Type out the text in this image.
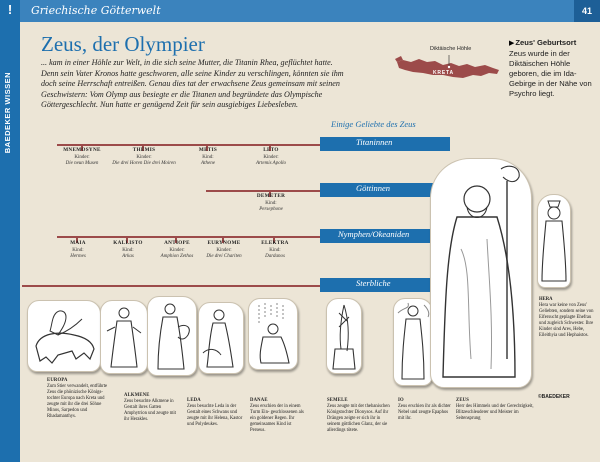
!
BAEDEKER WISSEN
Griechische Götterwelt	41
Zeus, der Olympier

... kam in einer Höhle zur Welt, in die sich seine Mutter, die Titanin Rhea, geflüchtet hatte. Denn sein Vater Kronos hatte geschworen, alle seine Kinder zu verschlingen, könnten sie ihm doch seine Herrschaft entreißen. Genau dies tat der erwachsene Zeus gemeinsam mit seinen Geschwistern: Vom Olymp aus besiegte er die Titanen und begründete das Olympische Göttergeschlecht. Nun hatte er genügend Zeit für sein ausgiebiges Liebesleben.

Diktäische Höhle
KRETA
▶Zeus' Geburtsort
Zeus wurde in der Diktäischen Höhle geboren, die im Ida-Gebirge in der Nähe von Psychro liegt.
Einige Geliebte des Zeus
Titaninnen
Göttinnen
Nymphen/Okeaniden
Sterbliche
MNEMOSYNE
Kinder:
Die neun Musen
THEMIS
Kinder:
Die drei Horen Die drei Moiren
METIS
Kind:
Athene
LETO
Kinder:
Artemis Apollo
DEMETER
Kind:
Persephone
MAIA
Kind:
Hermes
KALLISTO
Kind:
Arkas
ANTIOPE
Kinder:
Amphion Zethos
EURYNOME
Kinder:
Die drei Chariten
ELEKTRA
Kind:
Dardanos
EUROPA
Zum Stier verwandelt, entführte Zeus die phönizische Königs- tochter Europa nach Kreta und zeugte mit ihr die drei Söhne Minos, Sarpedon und Rhadamanthys.
ALKMENE
Zeus besuchte Alkmene in Gestalt ihres Gatten Amphytrion und zeugte mit ihr Herakles.
LEDA
Zeus besuchte Leda in der Gestalt eines Schwans und zeugte mit ihr Helena, Kastor und Polydeukes.
DANAE
Zeus erschien der in einem Turm Ein- geschlossenen als ein goldener Regen. Ihr gemeinsames Kind ist Perseus.
SEMELE
Zeus zeugte mit der thebanischen Königstochter Dionysos. Auf ihr Drängen zeigte er sich ihr in seinem göttlichen Glanz, der sie allerdings tötete.
IO
Zeus erschien ihr als dichter Nebel und zeugte Epaphos mit ihr.
ZEUS
Herr des Himmels und der Gerechtigkeit, Blitzeschleuderer und Meister im Seitensprung
HERA
Hera war keine von Zeus' Geliebten, sondern seine von Eifersucht geplagte Ehefrau und zugleich Schwester. Ihre Kinder sind Ares, Hebe, Eileithyia und Hephaistos.
©BAEDEKER
